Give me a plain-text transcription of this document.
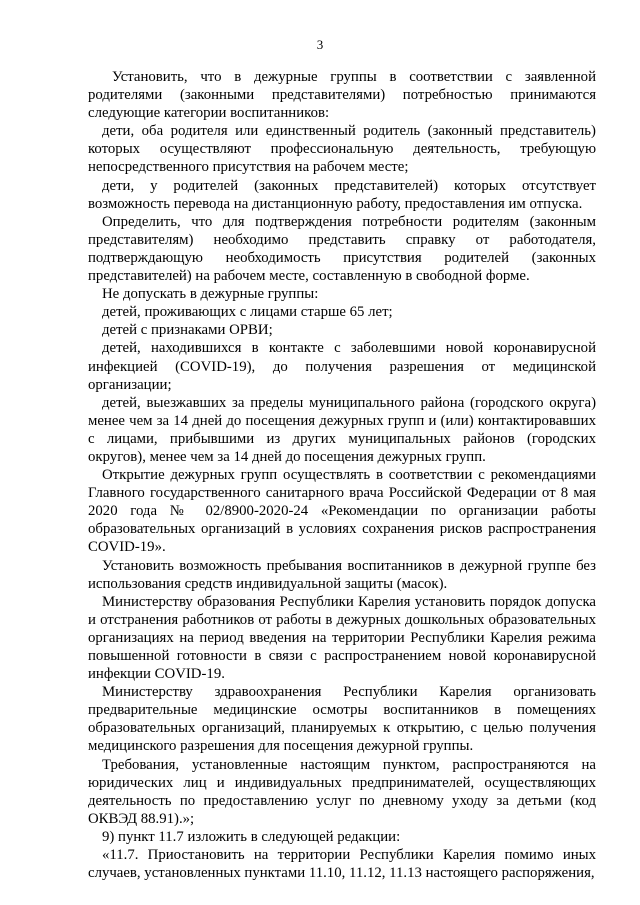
3

Установить, что в дежурные группы в соответствии с заявленной родителями (законными представителями) потребностью принимаются следующие категории воспитанников:

дети, оба родителя или единственный родитель (законный представитель) которых осуществляют профессиональную деятельность, требующую непосредственного присутствия на рабочем месте;

дети, у родителей (законных представителей) которых отсутствует возможность перевода на дистанционную работу, предоставления им отпуска.

Определить, что для подтверждения потребности родителям (законным представителям) необходимо представить справку от работодателя, подтверждающую необходимость присутствия родителей (законных представителей) на рабочем месте, составленную в свободной форме.

Не допускать в дежурные группы:

детей, проживающих с лицами старше 65 лет;

детей с признаками ОРВИ;

детей, находившихся в контакте с заболевшими новой коронавирусной инфекцией (COVID-19), до получения разрешения от медицинской организации;

детей, выезжавших за пределы муниципального района (городского округа) менее чем за 14 дней до посещения дежурных групп и (или) контактировавших с лицами, прибывшими из других муниципальных районов (городских округов), менее чем за 14 дней до посещения дежурных групп.

Открытие дежурных групп осуществлять в соответствии с рекомендациями Главного государственного санитарного врача Российской Федерации от 8 мая 2020 года № 02/8900-2020-24 «Рекомендации по организации работы образовательных организаций в условиях сохранения рисков распространения COVID-19».

Установить возможность пребывания воспитанников в дежурной группе без использования средств индивидуальной защиты (масок).

Министерству образования Республики Карелия установить порядок допуска и отстранения работников от работы в дежурных дошкольных образовательных организациях на период введения на территории Республики Карелия режима повышенной готовности в связи с распространением новой коронавирусной инфекции COVID-19.

Министерству здравоохранения Республики Карелия организовать предварительные медицинские осмотры воспитанников в помещениях образовательных организаций, планируемых к открытию, с целью получения медицинского разрешения для посещения дежурной группы.

Требования, установленные настоящим пунктом, распространяются на юридических лиц и индивидуальных предпринимателей, осуществляющих деятельность по предоставлению услуг по дневному уходу за детьми (код ОКВЭД 88.91).»;

9) пункт 11.7 изложить в следующей редакции:

«11.7. Приостановить на территории Республики Карелия помимо иных случаев, установленных пунктами 11.10, 11.12, 11.13 настоящего распоряжения,
